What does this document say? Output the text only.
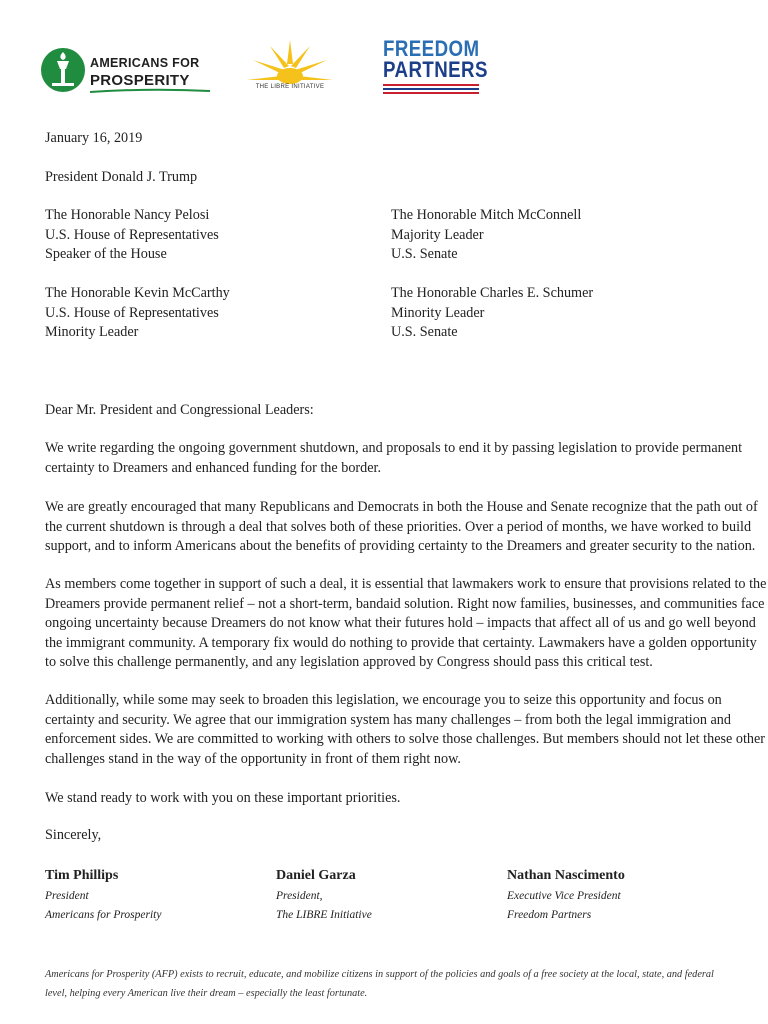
AMERICANS FOR
PROSPERITY	THE LIBRE INITIATIVE
FREEDOM
PARTNERS
January 16, 2019
President Donald J. Trump
The Honorable Nancy Pelosi
U.S. House of Representatives
Speaker of the House
The Honorable Mitch McConnell
Majority Leader
U.S. Senate
The Honorable Kevin McCarthy
U.S. House of Representatives
Minority Leader
The Honorable Charles E. Schumer
Minority Leader
U.S. Senate
Dear Mr. President and Congressional Leaders:
We write regarding the ongoing government shutdown, and proposals to end it by passing legislation to provide permanent
certainty to Dreamers and enhanced funding for the border.
We are greatly encouraged that many Republicans and Democrats in both the House and Senate recognize that the path out of
the current shutdown is through a deal that solves both of these priorities. Over a period of months, we have worked to build
support, and to inform Americans about the benefits of providing certainty to the Dreamers and greater security to the nation.
As members come together in support of such a deal, it is essential that lawmakers work to ensure that provisions related to the
Dreamers provide permanent relief – not a short-term, bandaid solution. Right now families, businesses, and communities face
ongoing uncertainty because Dreamers do not know what their futures hold – impacts that affect all of us and go well beyond
the immigrant community. A temporary fix would do nothing to provide that certainty. Lawmakers have a golden opportunity
to solve this challenge permanently, and any legislation approved by Congress should pass this critical test.
Additionally, while some may seek to broaden this legislation, we encourage you to seize this opportunity and focus on
certainty and security. We agree that our immigration system has many challenges – from both the legal immigration and
enforcement sides. We are committed to working with others to solve those challenges. But members should not let these other
challenges stand in the way of the opportunity in front of them right now.
We stand ready to work with you on these important priorities.
Sincerely,
Tim Phillips
President
Americans for Prosperity
Daniel Garza
President,
The LIBRE Initiative
Nathan Nascimento
Executive Vice President
Freedom Partners
Americans for Prosperity (AFP) exists to recruit, educate, and mobilize citizens in support of the policies and goals of a free society at the local, state, and federal
level, helping every American live their dream – especially the least fortunate.
